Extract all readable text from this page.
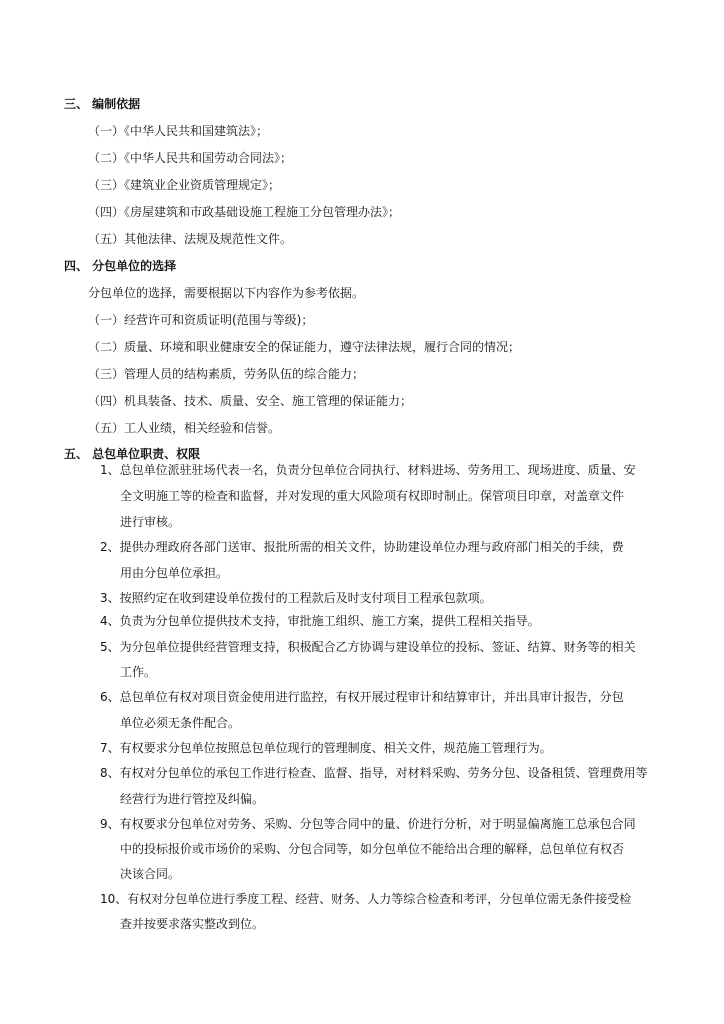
三、 编制依据
（一）《中华人民共和国建筑法》；
（二）《中华人民共和国劳动合同法》；
（三）《建筑业企业资质管理规定》；
（四）《房屋建筑和市政基础设施工程施工分包管理办法》；
（五）其他法律、法规及规范性文件。
四、 分包单位的选择
分包单位的选择，需要根据以下内容作为参考依据。
（一）经营许可和资质证明(范围与等级)；
（二）质量、环境和职业健康安全的保证能力，遵守法律法规，履行合同的情况；
（三）管理人员的结构素质，劳务队伍的综合能力；
（四）机具装备、技术、质量、安全、施工管理的保证能力；
（五）工人业绩，相关经验和信誉。
五、 总包单位职责、权限
1、总包单位派驻驻场代表一名，负责分包单位合同执行、材料进场、劳务用工、现场进度、质量、安
全文明施工等的检查和监督，并对发现的重大风险项有权即时制止。保管项目印章，对盖章文件
进行审核。
2、提供办理政府各部门送审、报批所需的相关文件，协助建设单位办理与政府部门相关的手续，费
用由分包单位承担。
3、按照约定在收到建设单位拨付的工程款后及时支付项目工程承包款项。
4、负责为分包单位提供技术支持，审批施工组织、施工方案，提供工程相关指导。
5、为分包单位提供经营管理支持，积极配合乙方协调与建设单位的投标、签证、结算、财务等的相关
工作。
6、总包单位有权对项目资金使用进行监控，有权开展过程审计和结算审计，并出具审计报告，分包
单位必须无条件配合。
7、有权要求分包单位按照总包单位现行的管理制度、相关文件，规范施工管理行为。
8、有权对分包单位的承包工作进行检查、监督、指导，对材料采购、劳务分包、设备租赁、管理费用等
经营行为进行管控及纠偏。
9、有权要求分包单位对劳务、采购、分包等合同中的量、价进行分析，对于明显偏离施工总承包合同
中的投标报价或市场价的采购、分包合同等，如分包单位不能给出合理的解释，总包单位有权否
决该合同。
10、有权对分包单位进行季度工程、经营、财务、人力等综合检查和考评，分包单位需无条件接受检
查并按要求落实整改到位。
